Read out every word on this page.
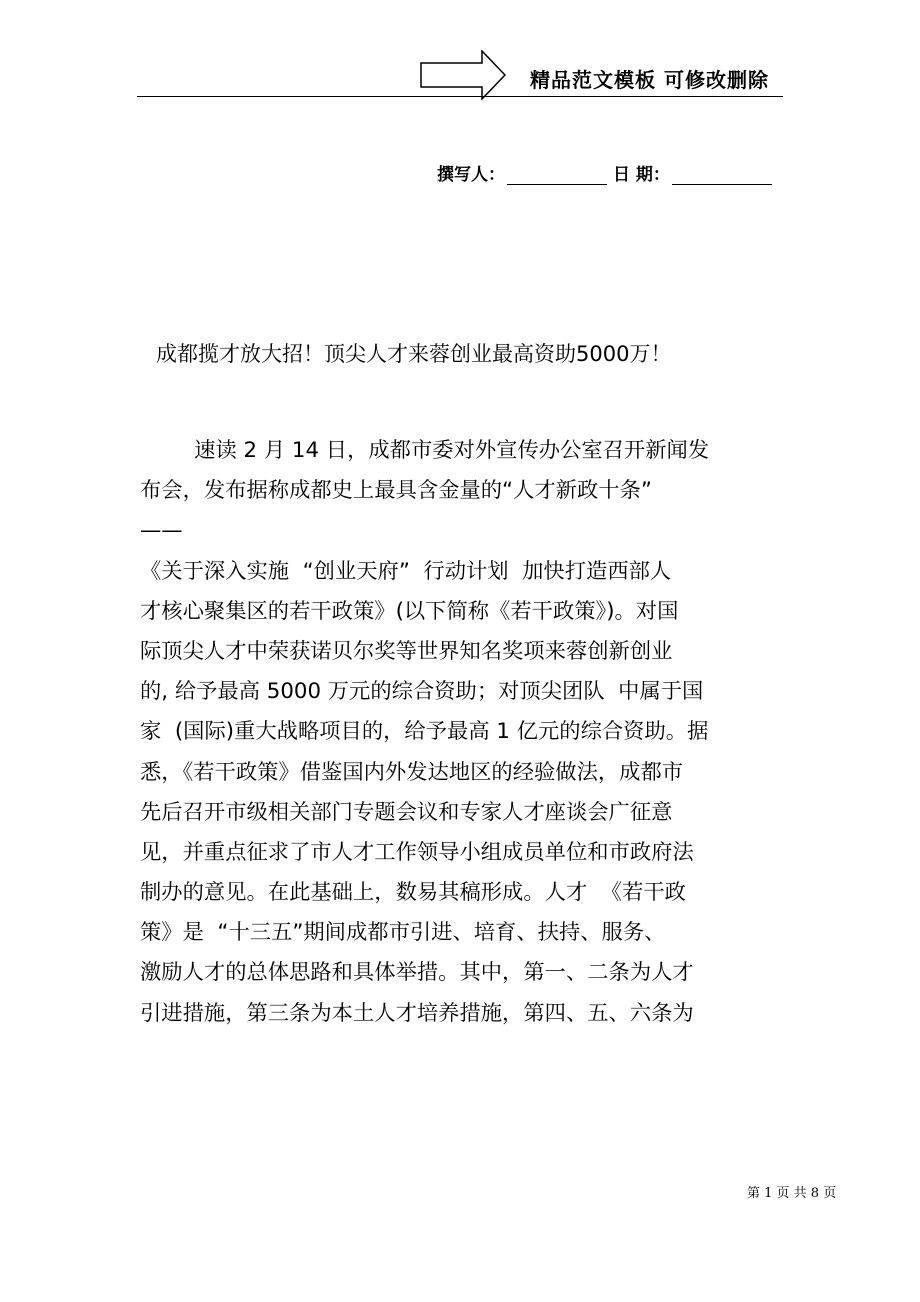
精品范文模板 可修改删除
撰写人：	日 期：
成都揽才放大招！顶尖人才来蓉创业最高资助5000万！
速读 2 月 14 日，成都市委对外宣传办公室召开新闻发
布会，发布据称成都史上最具含金量的“人才新政十条”
——
《关于深入实施  “创业天府”  行动计划  加快打造西部人
才核心聚集区的若干政策》(以下简称《若干政策》)。对国
际顶尖人才中荣获诺贝尔奖等世界知名奖项来蓉创新创业
的, 给予最高 5000 万元的综合资助；对顶尖团队  中属于国
家  (国际)重大战略项目的，给予最高 1 亿元的综合资助。据
悉，《若干政策》借鉴国内外发达地区的经验做法，成都市
先后召开市级相关部门专题会议和专家人才座谈会广征意
见，并重点征求了市人才工作领导小组成员单位和市政府法
制办的意见。在此基础上，数易其稿形成。人才  《若干政
策》是  “十三五”期间成都市引进、培育、扶持、服务、
激励人才的总体思路和具体举措。其中，第一、二条为人才
引进措施，第三条为本土人才培养措施，第四、五、六条为
第 1 页 共 8 页
